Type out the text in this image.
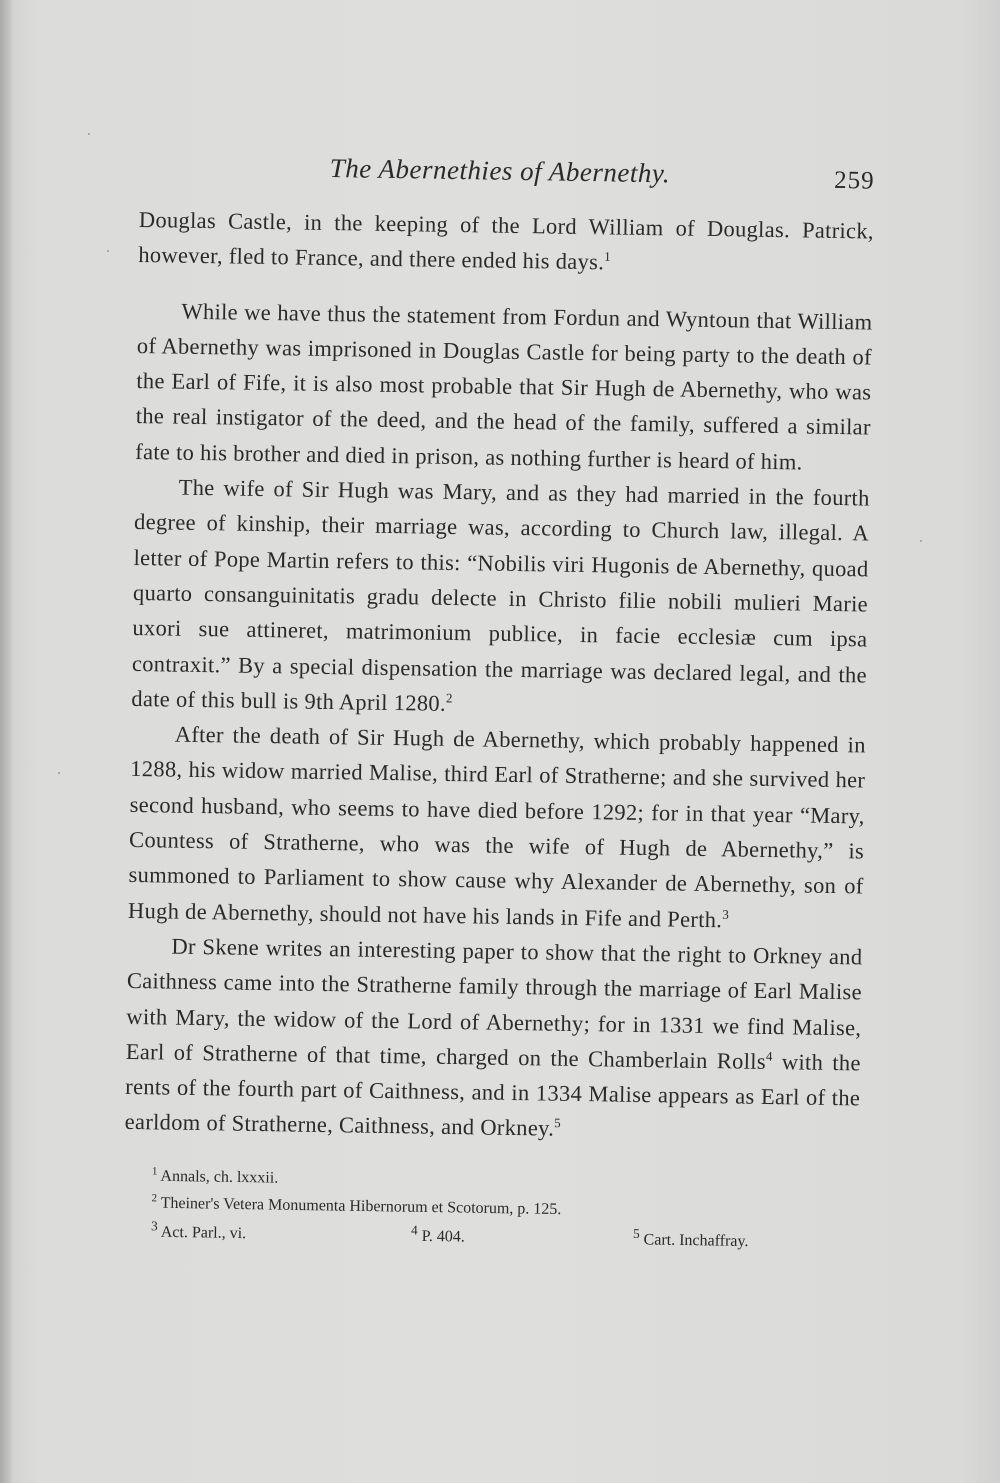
The Abernethies of Abernethy.	259

Douglas Castle, in the keeping of the Lord William of Douglas. Patrick, however, fled to France, and there ended his days.$^1$

While we have thus the statement from Fordun and Wyntoun that William of Abernethy was imprisoned in Douglas Castle for being party to the death of the Earl of Fife, it is also most probable that Sir Hugh de Abernethy, who was the real instigator of the deed, and the head of the family, suffered a similar fate to his brother and died in prison, as nothing further is heard of him.

The wife of Sir Hugh was Mary, and as they had married in the fourth degree of kinship, their marriage was, according to Church law, illegal. A letter of Pope Martin refers to this: “Nobilis viri Hugonis de Abernethy, quoad quarto consanguinitatis gradu delecte in Christo filie nobili mulieri Marie uxori sue attineret, matrimonium publice, in facie ecclesiæ cum ipsa contraxit.” By a special dispensation the marriage was declared legal, and the date of this bull is 9th April 1280.$^2$

After the death of Sir Hugh de Abernethy, which probably happened in 1288, his widow married Malise, third Earl of Stratherne; and she survived her second husband, who seems to have died before 1292; for in that year “Mary, Countess of Stratherne, who was the wife of Hugh de Abernethy,” is summoned to Parliament to show cause why Alexander de Abernethy, son of Hugh de Abernethy, should not have his lands in Fife and Perth.$^3$

Dr Skene writes an interesting paper to show that the right to Orkney and Caithness came into the Stratherne family through the marriage of Earl Malise with Mary, the widow of the Lord of Abernethy; for in 1331 we find Malise, Earl of Stratherne of that time, charged on the Chamberlain Rolls$^4$ with the rents of the fourth part of Caithness, and in 1334 Malise appears as Earl of the earldom of Stratherne, Caithness, and Orkney.$^5$

$^1$ Annals, ch. lxxxii.
$^2$ Theiner's Vetera Monumenta Hibernorum et Scotorum, p. 125.
$^3$ Act. Parl., vi.	$^4$ P. 404.	$^5$ Cart. Inchaffray.
